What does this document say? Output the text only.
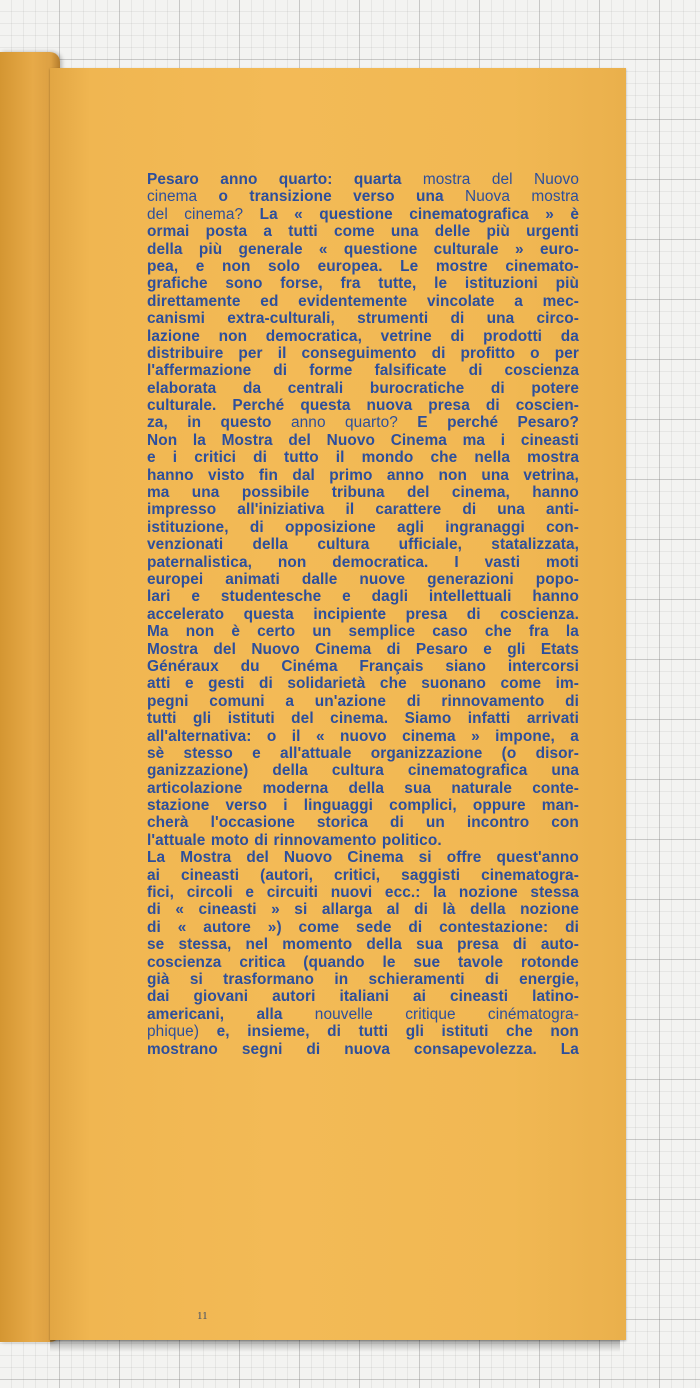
Pesaro anno quarto: quarta mostra del Nuovo
cinema o transizione verso una Nuova mostra
del cinema? La « questione cinematografica » è
ormai posta a tutti come una delle più urgenti
della più generale « questione culturale » euro-
pea, e non solo europea. Le mostre cinemato-
grafiche sono forse, fra tutte, le istituzioni più
direttamente ed evidentemente vincolate a mec-
canismi extra-culturali, strumenti di una circo-
lazione non democratica, vetrine di prodotti da
distribuire per il conseguimento di profitto o per
l'affermazione di forme falsificate di coscienza
elaborata da centrali burocratiche di potere
culturale. Perché questa nuova presa di coscien-
za, in questo anno quarto? E perché Pesaro?
Non la Mostra del Nuovo Cinema ma i cineasti
e i critici di tutto il mondo che nella mostra
hanno visto fin dal primo anno non una vetrina,
ma una possibile tribuna del cinema, hanno
impresso all'iniziativa il carattere di una anti-
istituzione, di opposizione agli ingranaggi con-
venzionati della cultura ufficiale, statalizzata,
paternalistica, non democratica. I vasti moti
europei animati dalle nuove generazioni popo-
lari e studentesche e dagli intellettuali hanno
accelerato questa incipiente presa di coscienza.
Ma non è certo un semplice caso che fra la
Mostra del Nuovo Cinema di Pesaro e gli Etats
Généraux du Cinéma Français siano intercorsi
atti e gesti di solidarietà che suonano come im-
pegni comuni a un'azione di rinnovamento di
tutti gli istituti del cinema. Siamo infatti arrivati
all'alternativa: o il « nuovo cinema » impone, a
sè stesso e all'attuale organizzazione (o disor-
ganizzazione) della cultura cinematografica una
articolazione moderna della sua naturale conte-
stazione verso i linguaggi complici, oppure man-
cherà l'occasione storica di un incontro con
l'attuale moto di rinnovamento politico.
La Mostra del Nuovo Cinema si offre quest'anno
ai cineasti (autori, critici, saggisti cinematogra-
fici, circoli e circuiti nuovi ecc.: la nozione stessa
di « cineasti » si allarga al di là della nozione
di « autore ») come sede di contestazione: di
se stessa, nel momento della sua presa di auto-
coscienza critica (quando le sue tavole rotonde
già si trasformano in schieramenti di energie,
dai giovani autori italiani ai cineasti latino-
americani, alla nouvelle critique cinématogra-
phique) e, insieme, di tutti gli istituti che non
mostrano segni di nuova consapevolezza. La
11
